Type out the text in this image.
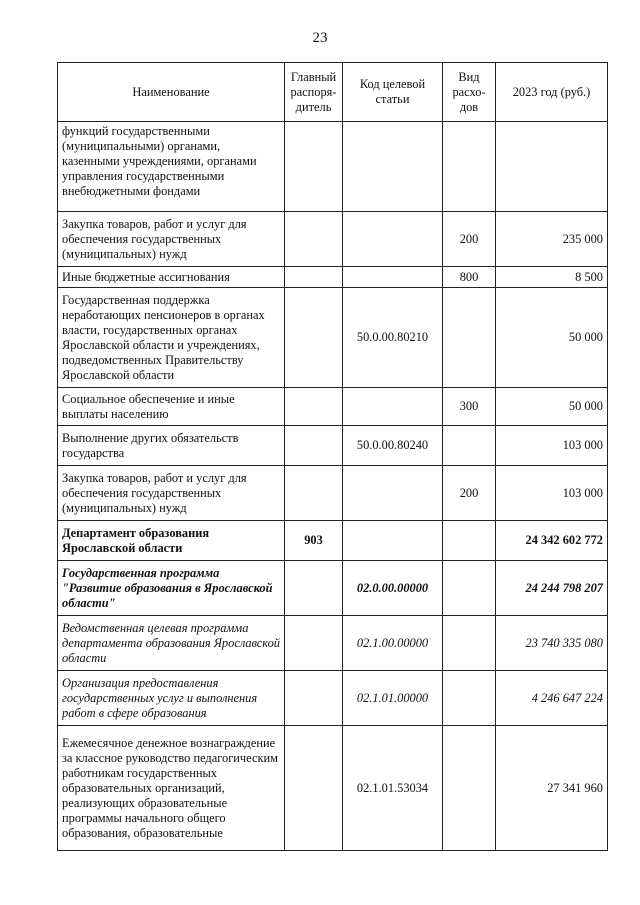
23
Наименование	Главный распоря-дитель	Код целевой статьи	Вид расхо-дов	2023 год (руб.)
функций государственными (муниципальными) органами, казенными учреждениями, органами управления государственными внебюджетными фондами				
Закупка товаров, работ и услуг для обеспечения государственных (муниципальных) нужд			200	235 000
Иные бюджетные ассигнования			800	8 500
Государственная поддержка неработающих пенсионеров в органах власти, государственных органах Ярославской области и учреждениях, подведомственных Правительству Ярославской области		50.0.00.80210		50 000
Социальное обеспечение и иные выплаты населению			300	50 000
Выполнение других обязательств государства		50.0.00.80240		103 000
Закупка товаров, работ и услуг для обеспечения государственных (муниципальных) нужд			200	103 000
Департамент образования Ярославской области	903			24 342 602 772
Государственная программа "Развитие образования в Ярославской области"		02.0.00.00000		24 244 798 207
Ведомственная целевая программа департамента образования Ярославской области		02.1.00.00000		23 740 335 080
Организация предоставления государственных услуг и выполнения работ в сфере образования		02.1.01.00000		4 246 647 224
Ежемесячное денежное вознаграждение за классное руководство педагогическим работникам государственных образовательных организаций, реализующих образовательные программы начального общего образования, образовательные		02.1.01.53034		27 341 960
